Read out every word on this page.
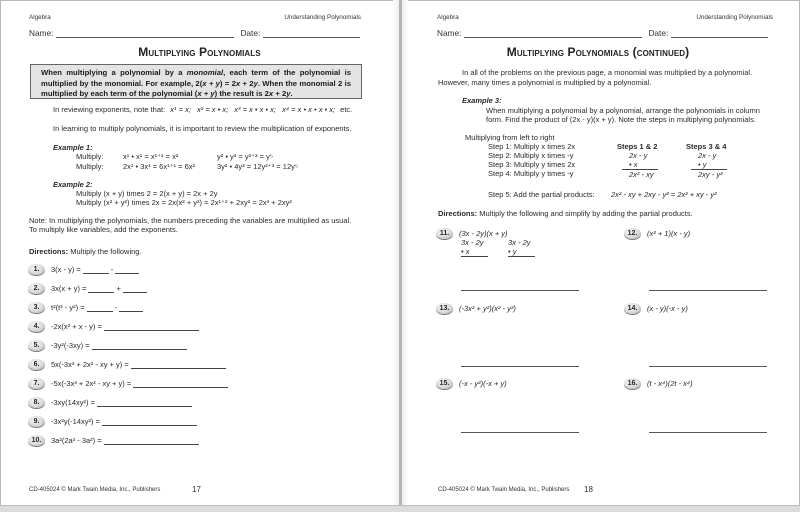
Algebra	Understanding Polynomials
Name:	Date:
Multiplying Polynomials
When multiplying a polynomial by a monomial, each term of the polynomial is multiplied by the monomial. For example, 2(x + y) = 2x + 2y. When the monomial 2 is multiplied by each term of the polynomial (x + y) the result is 2x + 2y.
In reviewing exponents, note that: x¹ = x; x² = x • x; x³ = x • x • x; x⁴ = x • x • x • x; etc.
In learning to multiply polynomials, it is important to review the multiplication of exponents.
Example 1:
Multiply:	x¹ • x¹ = x¹⁺¹ = x²	y² • y³ = y²⁺³ = y⁵
Multiply:	2x¹ • 3x¹ = 6x¹⁺¹ = 6x²	3y² • 4y³ = 12y²⁺³ = 12y⁵
Example 2:
Multiply (x + y) times 2 = 2(x + y) = 2x + 2y
Multiply (x² + y²) times 2x = 2x(x² + y²) = 2x¹⁺² + 2xy² = 2x³ + 2xy²
Note: In multiplying the polynomials, the numbers preceding the variables are multiplied as usual.
To multiply like variables, add the exponents.
Directions: Multiply the following.
1.	3(x - y) =	-
2.	3x(x + y) =	+
3.	t²(t³ - y²) =	-
4.	-2x(x² + x - y) =
5.	-3y²(-3xy) =
6.	5x(-3x³ + 2x² - xy + y) =
7.	-5x(-3x³ + 2x² - xy + y) =
8.	-3xy(14xy²) =
9.	-3x²y(-14xy²) =
10.	3a²(2a³ - 3a²) =
CD-405024 © Mark Twain Media, Inc., Publishers	17
Algebra	Understanding Polynomials
Name:	Date:
Multiplying Polynomials (continued)
In all of the problems on the previous page, a monomial was multiplied by a polynomial.
However, many times a polynomial is multiplied by a polynomial.
Example 3:
When multiplying a polynomial by a polynomial, arrange the polynomials in column
form. Find the product of (2x - y)(x + y). Note the steps in multiplying polynomials.
Multiplying from left to right
Step 1: Multiply x times 2x
Step 2: Multiply x times -y
Step 3: Multiply y times 2x
Step 4: Multiply y times -y
Steps 1 & 2
2x - y
• x
2x² - xy
Steps 3 & 4
2x - y
• y
2xy - y²
Step 5: Add the partial products: 2x² - xy + 2xy - y² = 2x² + xy - y²
Directions: Multiply the following and simplify by adding the partial products.
11.	(3x - 2y)(x + y)
3x - 2y
• x
3x - 2y
• y
12.	(x² + 1)(x - y)
13.	(-3x² + y²)(x² - y²)	14.	(x - y)(-x - y)
15.	(-x - y²)(-x + y)	16.	(t - x⁴)(2t - x⁴)
CD-405024 © Mark Twain Media, Inc., Publishers 18
